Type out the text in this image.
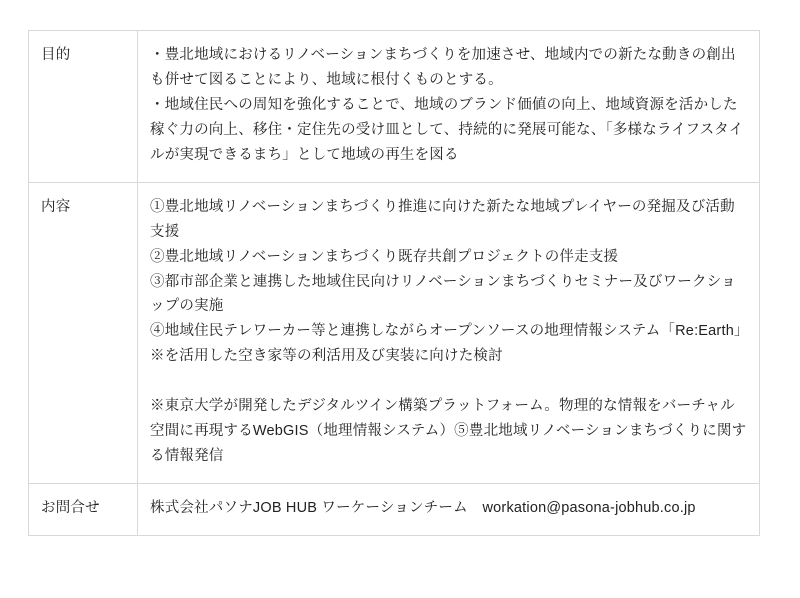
目的	・豊北地域におけるリノベーションまちづくりを加速させ、地域内での新たな動きの創出も併せて図ることにより、地域に根付くものとする。

・地域住民への周知を強化することで、地域のブランド価値の向上、地域資源を活かした稼ぐ力の向上、移住・定住先の受け皿として、持続的に発展可能な、「多様なライフスタイルが実現できるまち」として地域の再生を図る

内容	①豊北地域リノベーションまちづくり推進に向けた新たな地域プレイヤーの発掘及び活動支援

②豊北地域リノベーションまちづくり既存共創プロジェクトの伴走支援

③都市部企業と連携した地域住民向けリノベーションまちづくりセミナー及びワークショップの実施

④地域住民テレワーカー等と連携しながらオープンソースの地理情報システム「Re:Earth」※を活用した空き家等の利活用及び実装に向けた検討

※東京大学が開発したデジタルツイン構築プラットフォーム。物理的な情報をバーチャル空間に再現するWebGIS（地理情報システム）⑤豊北地域リノベーションまちづくりに関する情報発信

お問合せ	株式会社パソナJOB HUB ワーケーションチーム　workation@pasona-jobhub.co.jp
